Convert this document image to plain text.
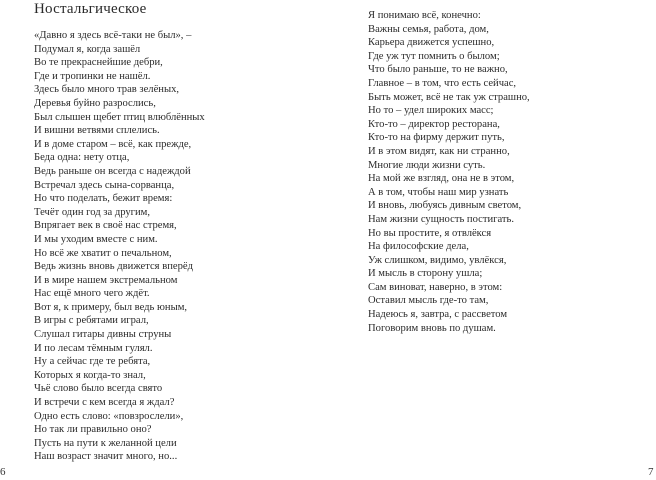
Ностальгическое
«Давно я здесь всё-таки не был», –
Подумал я, когда зашёл
Во те прекраснейшие дебри,
Где и тропинки не нашёл.
Здесь было много трав зелёных,
Деревья буйно разрослись,
Был слышен щебет птиц влюблённых
И вишни ветвями сплелись.
И в доме старом – всё, как прежде,
Беда одна: нету отца,
Ведь раньше он всегда с надеждой
Встречал здесь сына-сорванца,
Но что поделать, бежит время:
Течёт один год за другим,
Впрягает век в своё нас стремя,
И мы уходим вместе с ним.
Но всё же хватит о печальном,
Ведь жизнь вновь движется вперёд
И в мире нашем экстремальном
Нас ещё много чего ждёт.
Вот я, к примеру, был ведь юным,
В игры с ребятами играл,
Слушал гитары дивны струны
И по лесам тёмным гулял.
Ну а сейчас где те ребята,
Которых я когда-то знал,
Чьё слово было всегда свято
И встречи с кем всегда я ждал?
Одно есть слово: «повзрослели»,
Но так ли правильно оно?
Пусть на пути к желанной цели
Наш возраст значит много, но...
6
Я понимаю всё, конечно:
Важны семья, работа, дом,
Карьера движется успешно,
Где уж тут помнить о былом;
Что было раньше, то не важно,
Главное – в том, что есть сейчас,
Быть может, всё не так уж страшно,
Но то – удел широких масс;
Кто-то – директор ресторана,
Кто-то на фирму держит путь,
И в этом видят, как ни странно,
Многие люди жизни суть.
На мой же взгляд, она не в этом,
А в том, чтобы наш мир узнать
И вновь, любуясь дивным светом,
Нам жизни сущность постигать.
Но вы простите, я отвлёкся
На философские дела,
Уж слишком, видимо, увлёкся,
И мысль в сторону ушла;
Сам виноват, наверно, в этом:
Оставил мысль где-то там,
Надеюсь я, завтра, с рассветом
Поговорим вновь по душам.
7
